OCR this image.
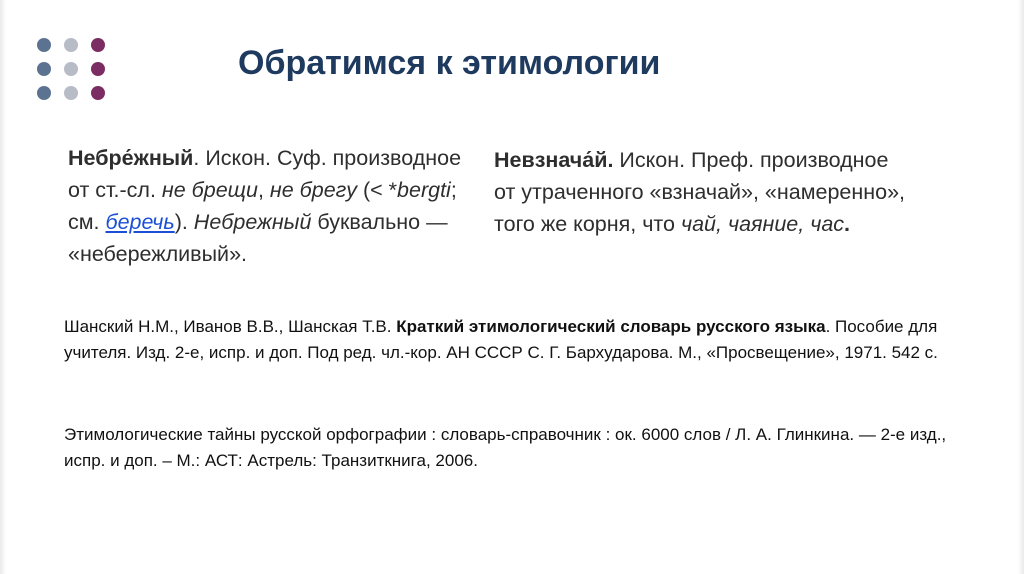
Обратимся к этимологии
Небре́жный. Искон. Суф. производное от ст.-сл. не брещи, не брегу (< *bergti; см. беречь). Небрежный буквально — «небережливый».
Невзнача́й. Искон. Преф. производное от утраченного «взначай», «намеренно», того же корня, что чай, чаяние, час.
Шанский Н.М., Иванов В.В., Шанская Т.В. Краткий этимологический словарь русского языка. Пособие для учителя. Изд. 2-е, испр. и доп. Под ред. чл.-кор. АН СССР С. Г. Бархударова. М., «Просвещение», 1971. 542 с.
Этимологические тайны русской орфографии : словарь-справочник : ок. 6000 слов / Л. А. Глинкина. — 2-е изд., испр. и доп. – М.: АСТ: Астрель: Транзиткнига, 2006.
